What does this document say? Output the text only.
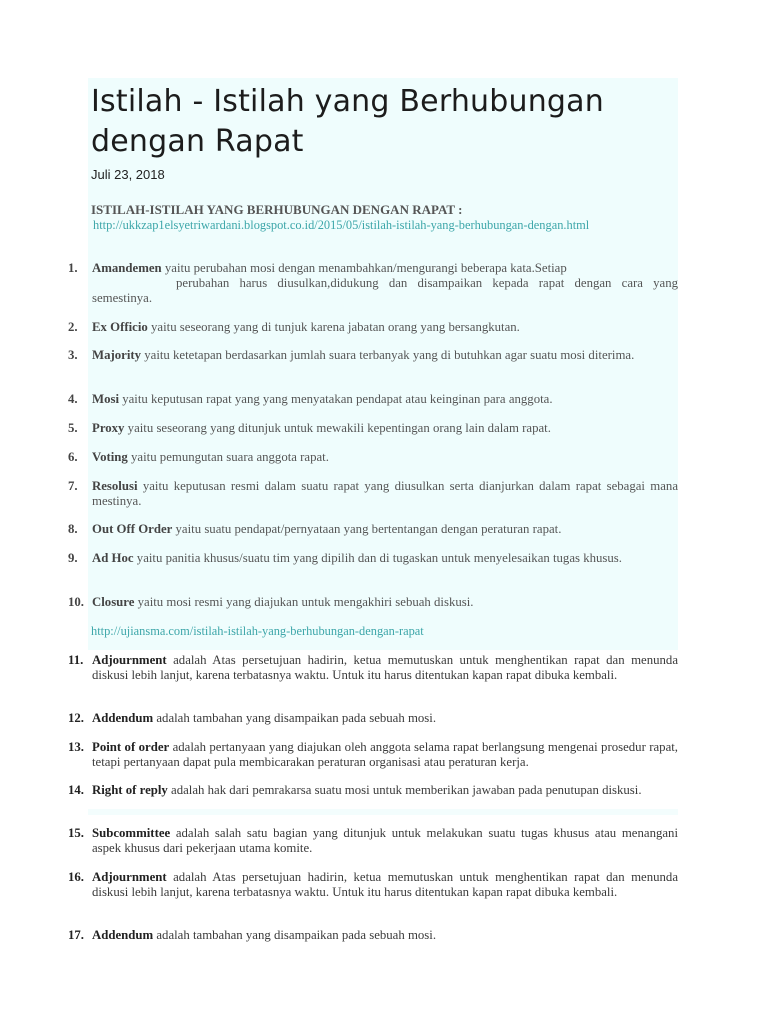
Istilah - Istilah yang Berhubungan dengan Rapat
Juli 23, 2018
ISTILAH-ISTILAH YANG BERHUBUNGAN DENGAN RAPAT :
http://ukkzap1elsyetriwardani.blogspot.co.id/2015/05/istilah-istilah-yang-berhubungan-dengan.html
1. Amandemen yaitu perubahan mosi dengan menambahkan/mengurangi beberapa kata.Setiap
perubahan harus diusulkan,didukung dan disampaikan kepada rapat dengan cara yang semestinya.
2. Ex Officio yaitu seseorang yang di tunjuk karena jabatan orang yang bersangkutan.
3. Majority yaitu ketetapan berdasarkan jumlah suara terbanyak yang di butuhkan agar suatu mosi diterima.
4. Mosi yaitu keputusan rapat yang yang menyatakan pendapat atau keinginan para anggota.
5. Proxy yaitu seseorang yang ditunjuk untuk mewakili kepentingan orang lain dalam rapat.
6. Voting yaitu pemungutan suara anggota rapat.
7. Resolusi yaitu keputusan resmi dalam suatu rapat yang diusulkan serta dianjurkan dalam rapat sebagai mana mestinya.
8. Out Off Order yaitu suatu pendapat/pernyataan yang bertentangan dengan peraturan rapat.
9. Ad Hoc yaitu panitia khusus/suatu tim yang dipilih dan di tugaskan untuk menyelesaikan tugas khusus.
10. Closure yaitu mosi resmi yang diajukan untuk mengakhiri sebuah diskusi.
http://ujiansma.com/istilah-istilah-yang-berhubungan-dengan-rapat
11. Adjournment adalah Atas persetujuan hadirin, ketua memutuskan untuk menghentikan rapat dan menunda diskusi lebih lanjut, karena terbatasnya waktu. Untuk itu harus ditentukan kapan rapat dibuka kembali.
12. Addendum adalah tambahan yang disampaikan pada sebuah mosi.
13. Point of order adalah pertanyaan yang diajukan oleh anggota selama rapat berlangsung mengenai prosedur rapat, tetapi pertanyaan dapat pula membicarakan peraturan organisasi atau peraturan kerja.
14. Right of reply adalah hak dari pemrakarsa suatu mosi untuk memberikan jawaban pada penutupan diskusi.
15. Subcommittee adalah salah satu bagian yang ditunjuk untuk melakukan suatu tugas khusus atau menangani aspek khusus dari pekerjaan utama komite.
16. Adjournment adalah Atas persetujuan hadirin, ketua memutuskan untuk menghentikan rapat dan menunda diskusi lebih lanjut, karena terbatasnya waktu. Untuk itu harus ditentukan kapan rapat dibuka kembali.
17. Addendum adalah tambahan yang disampaikan pada sebuah mosi.
